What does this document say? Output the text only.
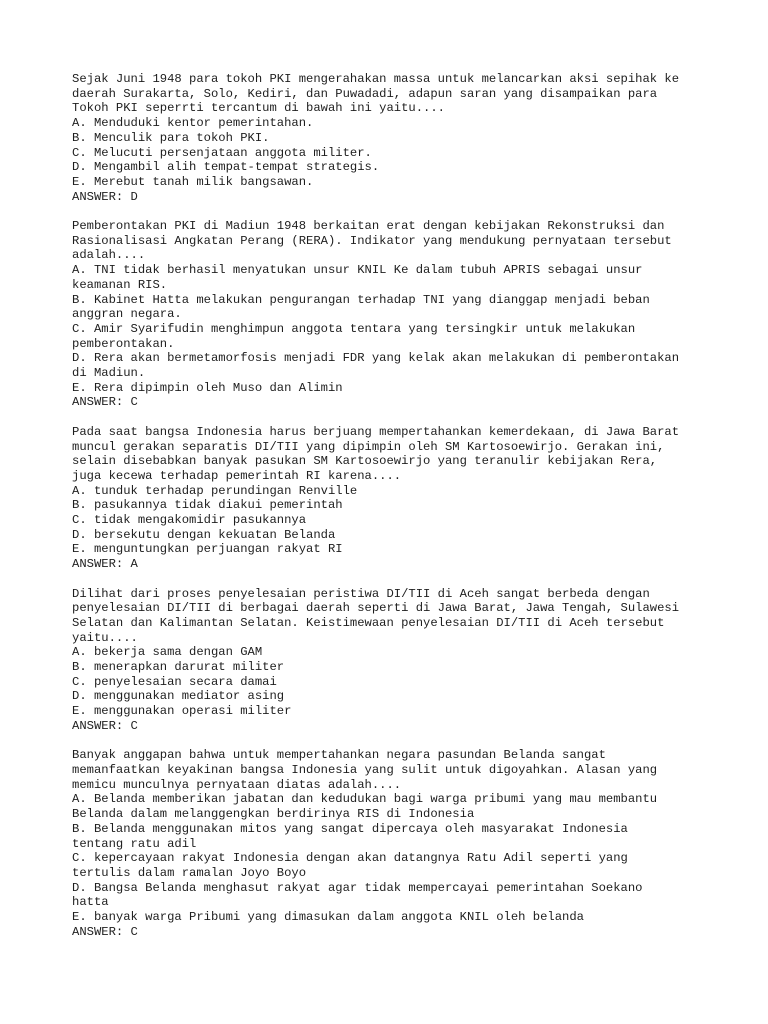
Sejak Juni 1948 para tokoh PKI mengerahakan massa untuk melancarkan aksi sepihak ke
daerah Surakarta, Solo, Kediri, dan Puwadadi, adapun saran yang disampaikan para
Tokoh PKI seperrti tercantum di bawah ini yaitu....
A. Menduduki kentor pemerintahan.
B. Menculik para tokoh PKI.
C. Melucuti persenjataan anggota militer.
D. Mengambil alih tempat-tempat strategis.
E. Merebut tanah milik bangsawan.
ANSWER: D
Pemberontakan PKI di Madiun 1948 berkaitan erat dengan kebijakan Rekonstruksi dan
Rasionalisasi Angkatan Perang (RERA). Indikator yang mendukung pernyataan tersebut
adalah....
A. TNI tidak berhasil menyatukan unsur KNIL Ke dalam tubuh APRIS sebagai unsur
keamanan RIS.
B. Kabinet Hatta melakukan pengurangan terhadap TNI yang dianggap menjadi beban
anggran negara.
C. Amir Syarifudin menghimpun anggota tentara yang tersingkir untuk melakukan
pemberontakan.
D. Rera akan bermetamorfosis menjadi FDR yang kelak akan melakukan di pemberontakan
di Madiun.
E. Rera dipimpin oleh Muso dan Alimin
ANSWER: C
Pada saat bangsa Indonesia harus berjuang mempertahankan kemerdekaan, di Jawa Barat
muncul gerakan separatis DI/TII yang dipimpin oleh SM Kartosoewirjo. Gerakan ini,
selain disebabkan banyak pasukan SM Kartosoewirjo yang teranulir kebijakan Rera,
juga kecewa terhadap pemerintah RI karena....
A. tunduk terhadap perundingan Renville
B. pasukannya tidak diakui pemerintah
C. tidak mengakomidir pasukannya
D. bersekutu dengan kekuatan Belanda
E. menguntungkan perjuangan rakyat RI
ANSWER: A
Dilihat dari proses penyelesaian peristiwa DI/TII di Aceh sangat berbeda dengan
penyelesaian DI/TII di berbagai daerah seperti di Jawa Barat, Jawa Tengah, Sulawesi
Selatan dan Kalimantan Selatan. Keistimewaan penyelesaian DI/TII di Aceh tersebut
yaitu....
A. bekerja sama dengan GAM
B. menerapkan darurat militer
C. penyelesaian secara damai
D. menggunakan mediator asing
E. menggunakan operasi militer
ANSWER: C
Banyak anggapan bahwa untuk mempertahankan negara pasundan Belanda sangat
memanfaatkan keyakinan bangsa Indonesia yang sulit untuk digoyahkan. Alasan yang
memicu munculnya pernyataan diatas adalah....
A. Belanda memberikan jabatan dan kedudukan bagi warga pribumi yang mau membantu
Belanda dalam melanggengkan berdirinya RIS di Indonesia
B. Belanda menggunakan mitos yang sangat dipercaya oleh masyarakat Indonesia
tentang ratu adil
C. kepercayaan rakyat Indonesia dengan akan datangnya Ratu Adil seperti yang
tertulis dalam ramalan Joyo Boyo
D. Bangsa Belanda menghasut rakyat agar tidak mempercayai pemerintahan Soekano
hatta
E. banyak warga Pribumi yang dimasukan dalam anggota KNIL oleh belanda
ANSWER: C
